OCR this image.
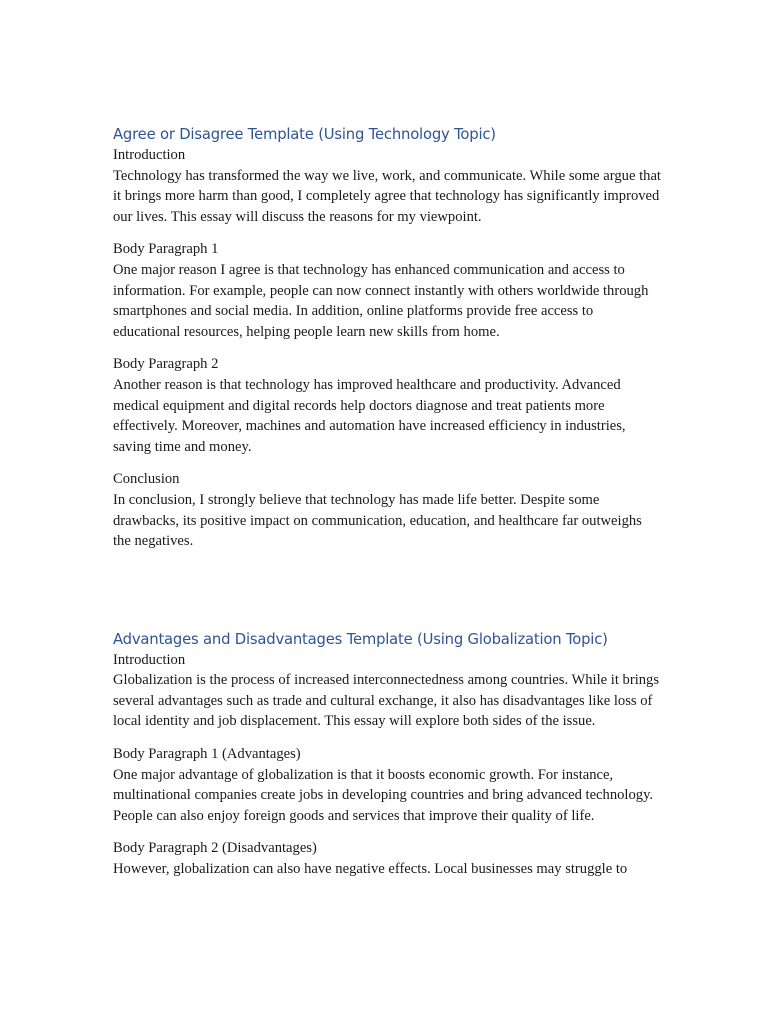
Agree or Disagree Template (Using Technology Topic)

Introduction

Technology has transformed the way we live, work, and communicate. While some argue that it brings more harm than good, I completely agree that technology has significantly improved our lives. This essay will discuss the reasons for my viewpoint.

Body Paragraph 1

One major reason I agree is that technology has enhanced communication and access to information. For example, people can now connect instantly with others worldwide through smartphones and social media. In addition, online platforms provide free access to educational resources, helping people learn new skills from home.

Body Paragraph 2

Another reason is that technology has improved healthcare and productivity. Advanced medical equipment and digital records help doctors diagnose and treat patients more effectively. Moreover, machines and automation have increased efficiency in industries, saving time and money.

Conclusion

In conclusion, I strongly believe that technology has made life better. Despite some drawbacks, its positive impact on communication, education, and healthcare far outweighs the negatives.

Advantages and Disadvantages Template (Using Globalization Topic)

Introduction

Globalization is the process of increased interconnectedness among countries. While it brings several advantages such as trade and cultural exchange, it also has disadvantages like loss of local identity and job displacement. This essay will explore both sides of the issue.

Body Paragraph 1 (Advantages)

One major advantage of globalization is that it boosts economic growth. For instance, multinational companies create jobs in developing countries and bring advanced technology. People can also enjoy foreign goods and services that improve their quality of life.

Body Paragraph 2 (Disadvantages)

However, globalization can also have negative effects. Local businesses may struggle to
